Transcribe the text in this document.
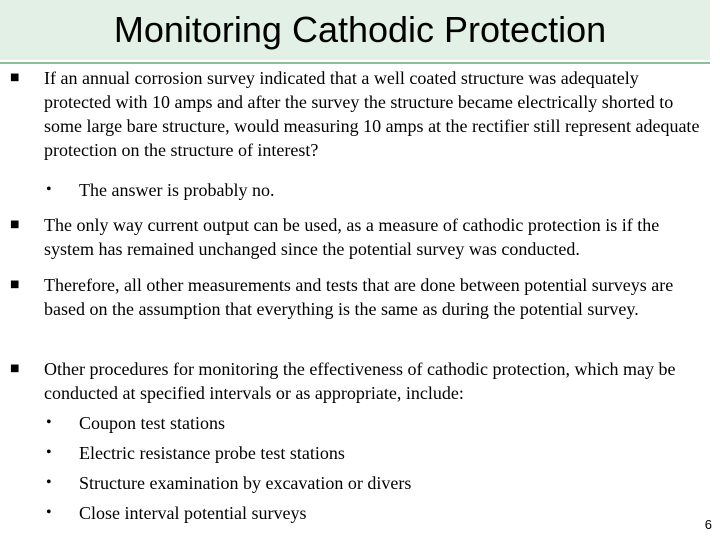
Monitoring Cathodic Protection
■ If an annual corrosion survey indicated that a well coated structure was adequately protected with 10 amps and after the survey the structure became electrically shorted to some large bare structure, would measuring 10 amps at the rectifier still represent adequate protection on the structure of interest?

• The answer is probably no.
■ The only way current output can be used, as a measure of cathodic protection is if the system has remained unchanged since the potential survey was conducted.

■ Therefore, all other measurements and tests that are done between potential surveys are based on the assumption that everything is the same as during the potential survey.

■ Other procedures for monitoring the effectiveness of cathodic protection, which may be conducted at specified intervals or as appropriate, include:

• Coupon test stations
• Electric resistance probe test stations
• Structure examination by excavation or divers
• Close interval potential surveys
6
